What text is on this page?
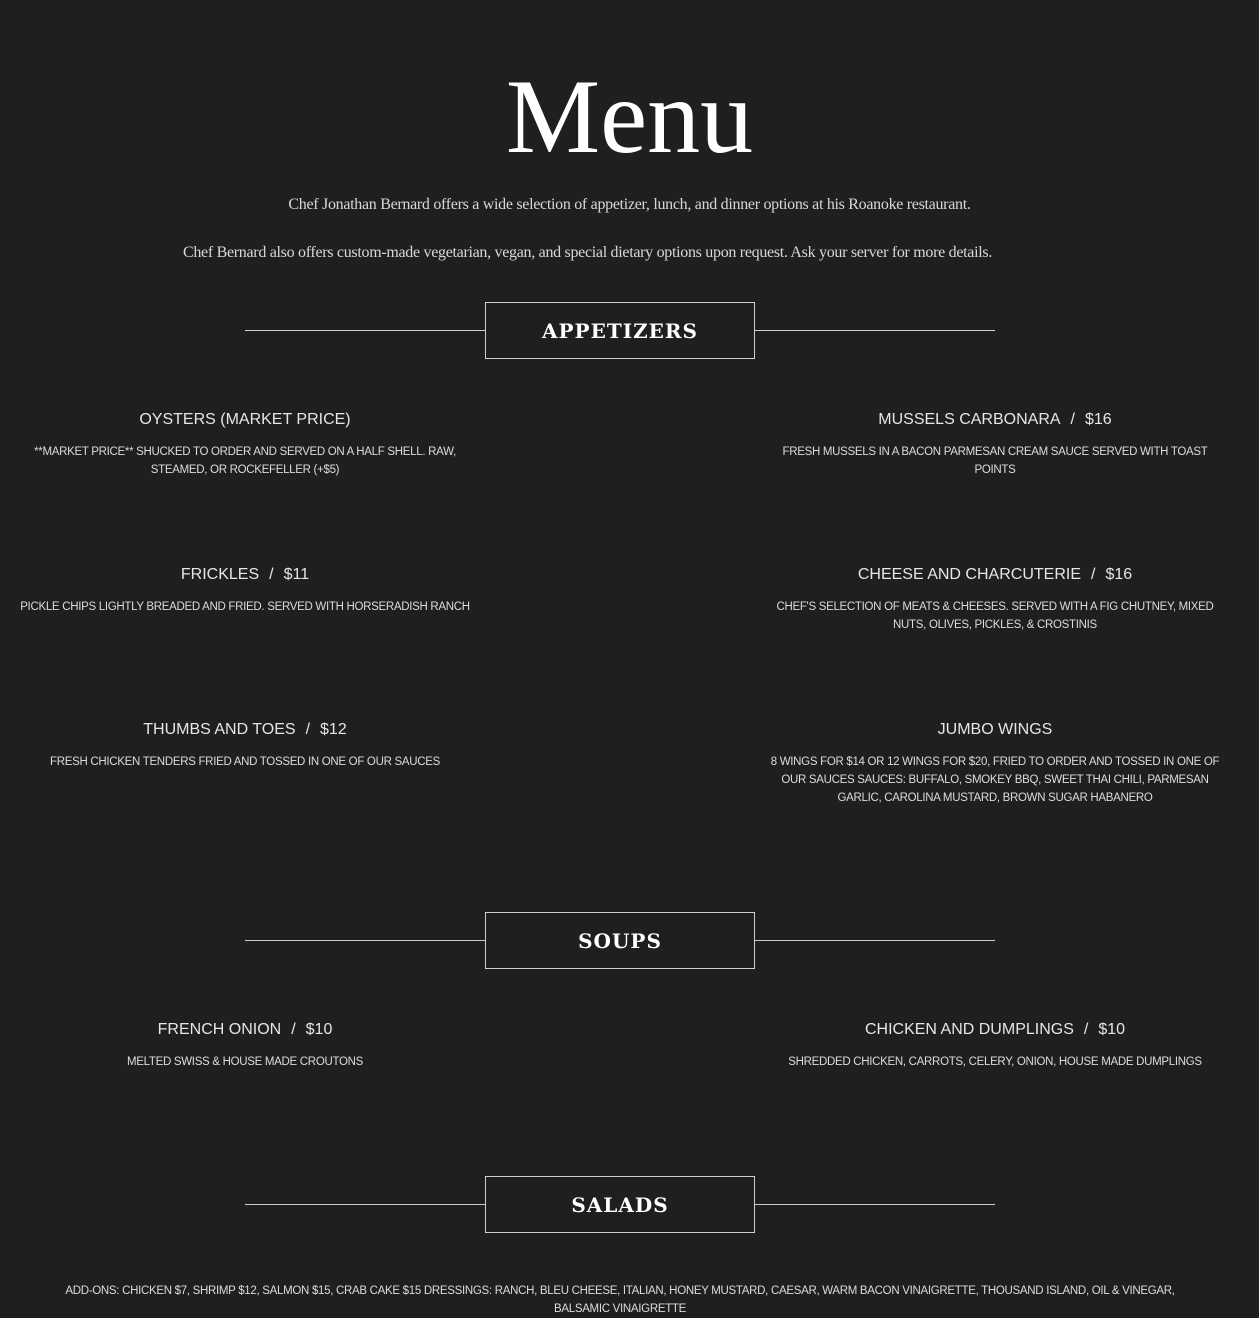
Menu
Chef Jonathan Bernard offers a wide selection of appetizer, lunch, and dinner options at his Roanoke restaurant.
Chef Bernard also offers custom-made vegetarian, vegan, and special dietary options upon request. Ask your server for more details.
APPETIZERS
OYSTERS (MARKET PRICE)
**MARKET PRICE** SHUCKED TO ORDER AND SERVED ON A HALF SHELL. RAW, STEAMED, OR ROCKEFELLER (+$5)
MUSSELS CARBONARA / $16
FRESH MUSSELS IN A BACON PARMESAN CREAM SAUCE SERVED WITH TOAST POINTS
FRICKLES / $11
PICKLE CHIPS LIGHTLY BREADED AND FRIED. SERVED WITH HORSERADISH RANCH
CHEESE AND CHARCUTERIE / $16
CHEF'S SELECTION OF MEATS & CHEESES. SERVED WITH A FIG CHUTNEY, MIXED NUTS, OLIVES, PICKLES, & CROSTINIS
THUMBS AND TOES / $12
FRESH CHICKEN TENDERS FRIED AND TOSSED IN ONE OF OUR SAUCES
JUMBO WINGS
8 WINGS FOR $14 OR 12 WINGS FOR $20, FRIED TO ORDER AND TOSSED IN ONE OF OUR SAUCES SAUCES: BUFFALO, SMOKEY BBQ, SWEET THAI CHILI, PARMESAN GARLIC, CAROLINA MUSTARD, BROWN SUGAR HABANERO
SOUPS
FRENCH ONION / $10
MELTED SWISS & HOUSE MADE CROUTONS
CHICKEN AND DUMPLINGS / $10
SHREDDED CHICKEN, CARROTS, CELERY, ONION, HOUSE MADE DUMPLINGS
SALADS
ADD-ONS: CHICKEN $7, SHRIMP $12, SALMON $15, CRAB CAKE $15 DRESSINGS: RANCH, BLEU CHEESE, ITALIAN, HONEY MUSTARD, CAESAR, WARM BACON VINAIGRETTE, THOUSAND ISLAND, OIL & VINEGAR, BALSAMIC VINAIGRETTE
